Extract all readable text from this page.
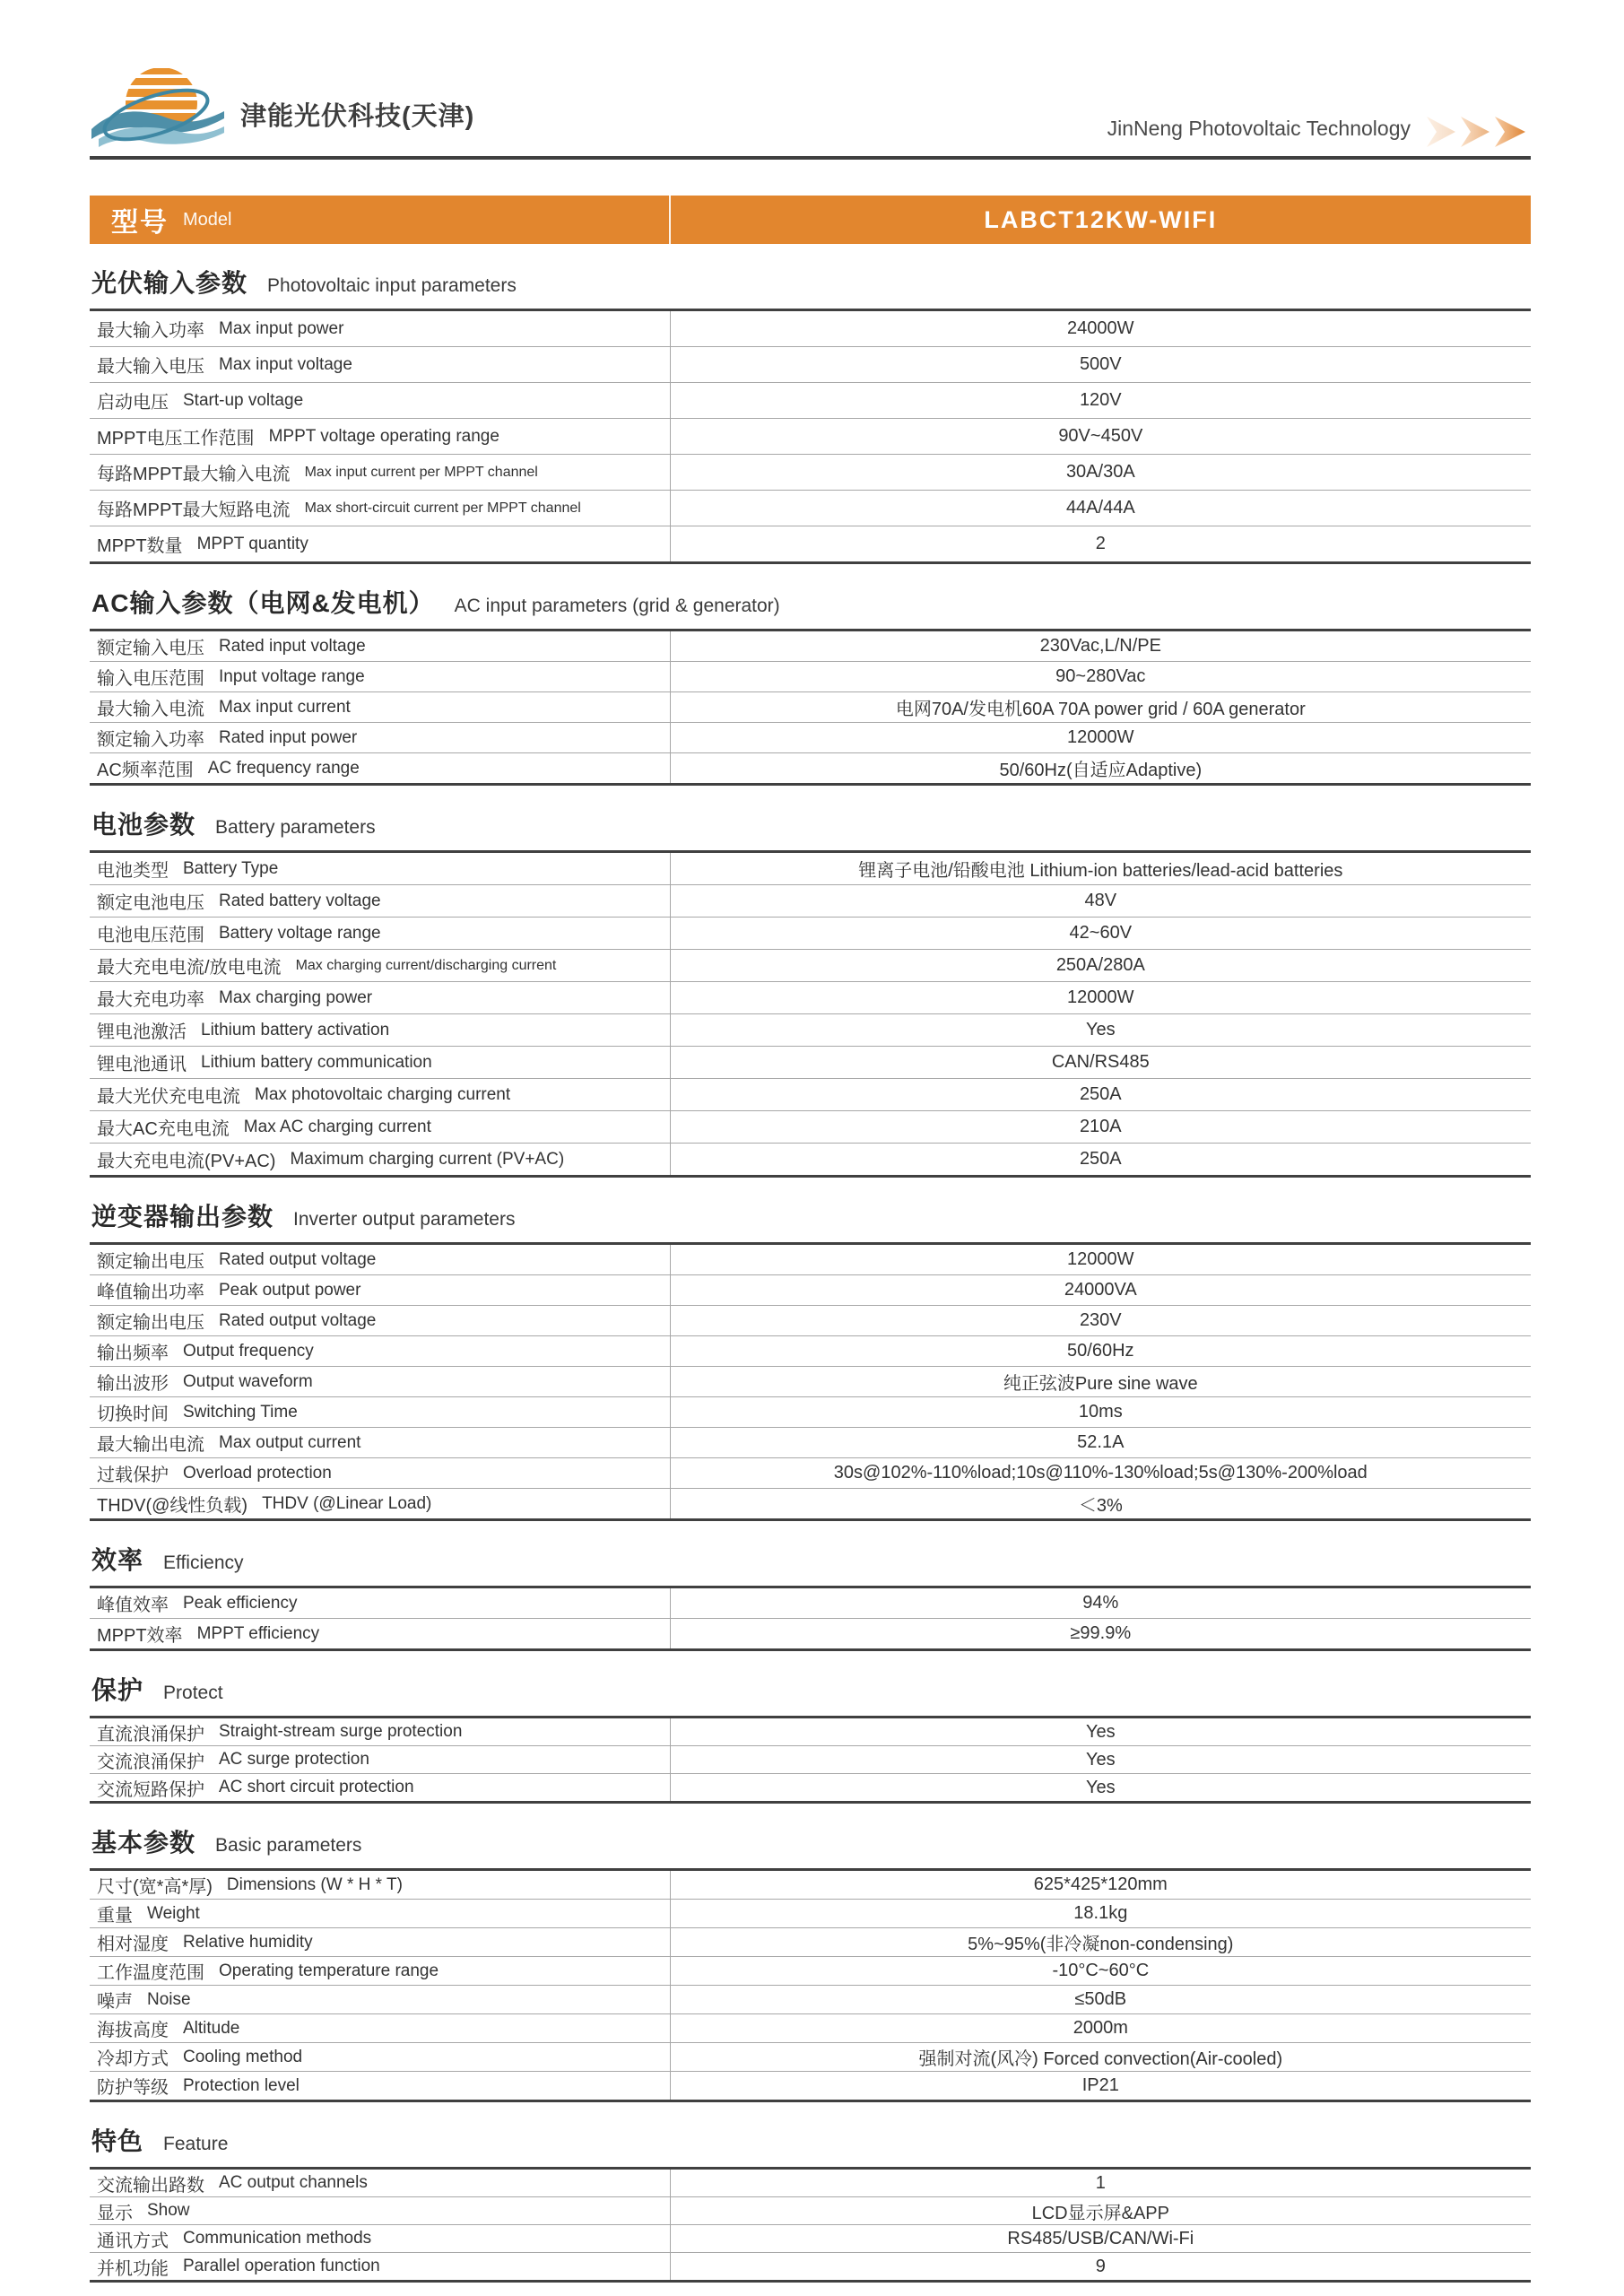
津能光伏科技(天津)	JinNeng Photovoltaic Technology
型号 Model	LABCT12KW-WIFI
光伏输入参数 Photovoltaic input parameters
最大输入功率 Max input power	24000W
最大输入电压 Max input voltage	500V
启动电压 Start-up voltage	120V
MPPT电压工作范围 MPPT voltage operating range	90V~450V
每路MPPT最大输入电流 Max input current per MPPT channel	30A/30A
每路MPPT最大短路电流 Max short-circuit current per MPPT channel	44A/44A
MPPT数量 MPPT quantity	2
AC输入参数（电网&发电机） AC input parameters (grid & generator)
额定输入电压 Rated input voltage	230Vac,L/N/PE
输入电压范围 Input voltage range	90~280Vac
最大输入电流 Max input current	电网70A/发电机60A 70A power grid / 60A generator
额定输入功率 Rated input power	12000W
AC频率范围 AC frequency range	50/60Hz(自适应Adaptive)
电池参数 Battery parameters
电池类型 Battery Type	锂离子电池/铅酸电池 Lithium-ion batteries/lead-acid batteries
额定电池电压 Rated battery voltage	48V
电池电压范围 Battery voltage range	42~60V
最大充电电流/放电电流 Max charging current/discharging current	250A/280A
最大充电功率 Max charging power	12000W
锂电池激活 Lithium battery activation	Yes
锂电池通讯 Lithium battery communication	CAN/RS485
最大光伏充电电流 Max photovoltaic charging current	250A
最大AC充电电流 Max AC charging current	210A
最大充电电流(PV+AC) Maximum charging current (PV+AC)	250A
逆变器输出参数 Inverter output parameters
额定输出电压 Rated output voltage	12000W
峰值输出功率 Peak output power	24000VA
额定输出电压 Rated output voltage	230V
输出频率 Output frequency	50/60Hz
输出波形 Output waveform	纯正弦波Pure sine wave
切换时间 Switching Time	10ms
最大输出电流 Max output current	52.1A
过载保护 Overload protection	30s@102%-110%load;10s@110%-130%load;5s@130%-200%load
THDV(@线性负载) THDV (@Linear Load)	＜3%
效率 Efficiency
峰值效率 Peak efficiency	94%
MPPT效率 MPPT efficiency	≥99.9%
保护 Protect
直流浪涌保护 Straight-stream surge protection	Yes
交流浪涌保护 AC surge protection	Yes
交流短路保护 AC short circuit protection	Yes
基本参数 Basic parameters
尺寸(宽*高*厚) Dimensions (W * H * T)	625*425*120mm
重量 Weight	18.1kg
相对湿度 Relative humidity	5%~95%(非冷凝non-condensing)
工作温度范围 Operating temperature range	-10°C~60°C
噪声 Noise	≤50dB
海拔高度 Altitude	2000m
冷却方式 Cooling method	强制对流(风冷) Forced convection(Air-cooled)
防护等级 Protection level	IP21
特色 Feature
交流输出路数 AC output channels	1
显示 Show	LCD显示屏&APP
通讯方式 Communication methods	RS485/USB/CAN/Wi-Fi
并机功能 Parallel operation function	9
